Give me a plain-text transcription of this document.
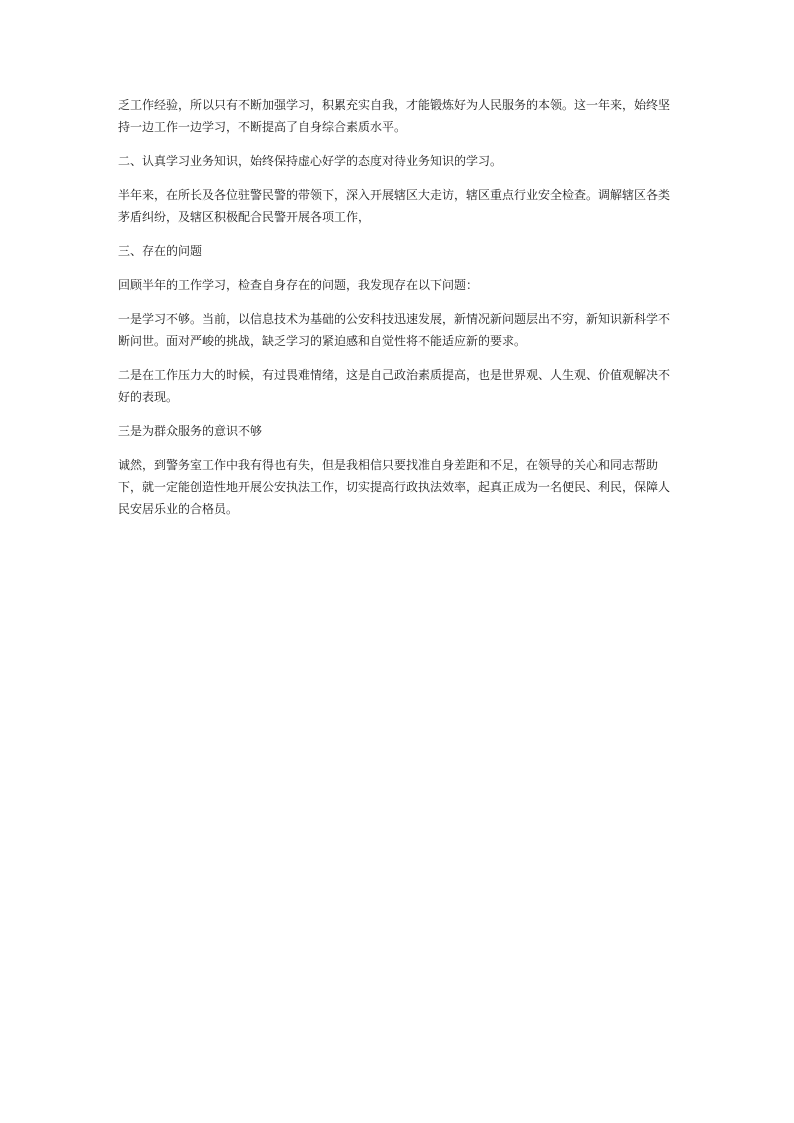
乏工作经验，所以只有不断加强学习，积累充实自我，才能锻炼好为人民服务的本领。这一年来，始终坚持一边工作一边学习，不断提高了自身综合素质水平。

二、认真学习业务知识，始终保持虚心好学的态度对待业务知识的学习。

半年来，在所长及各位驻警民警的带领下，深入开展辖区大走访，辖区重点行业安全检查。调解辖区各类茅盾纠纷，及辖区积极配合民警开展各项工作，

三、存在的问题

回顾半年的工作学习，检查自身存在的问题，我发现存在以下问题：

一是学习不够。当前，以信息技术为基础的公安科技迅速发展，新情况新问题层出不穷，新知识新科学不断问世。面对严峻的挑战，缺乏学习的紧迫感和自觉性将不能适应新的要求。

二是在工作压力大的时候，有过畏难情绪，这是自己政治素质提高，也是世界观、人生观、价值观解决不好的表现。

三是为群众服务的意识不够

诚然，到警务室工作中我有得也有失，但是我相信只要找准自身差距和不足，在领导的关心和同志帮助下，就一定能创造性地开展公安执法工作，切实提高行政执法效率，起真正成为一名便民、利民，保障人民安居乐业的合格员。
